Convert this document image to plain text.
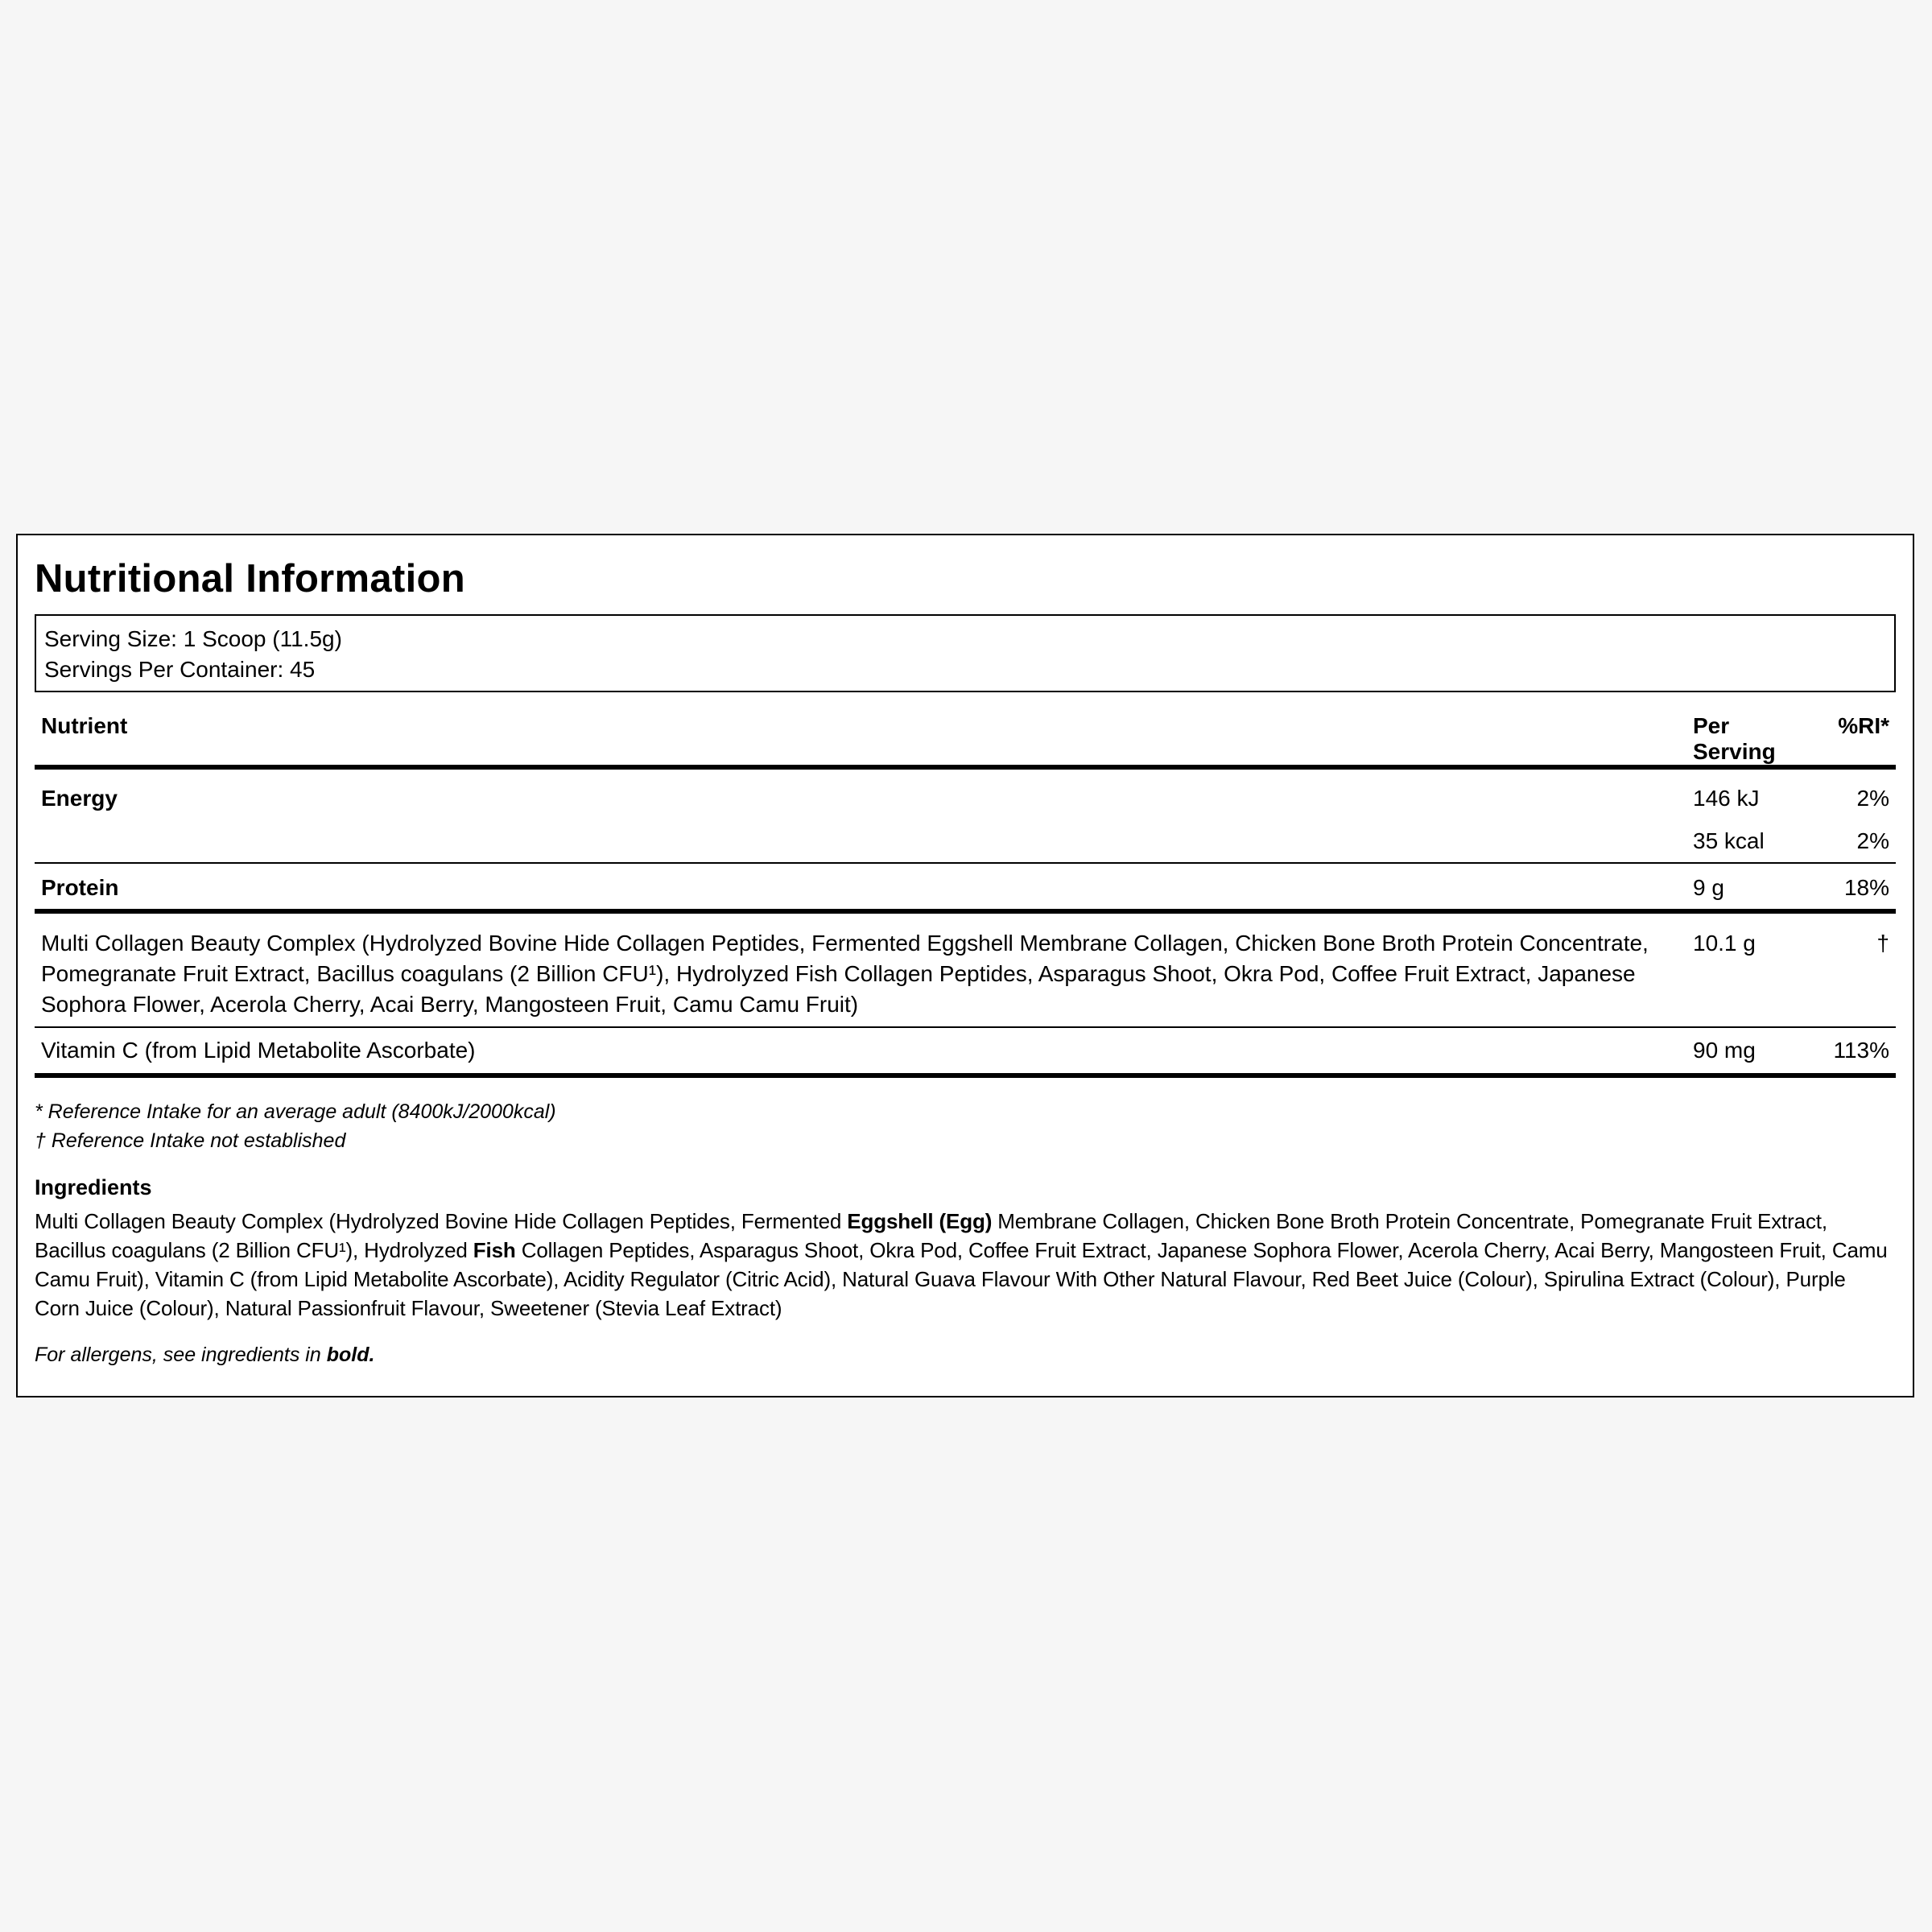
Nutritional Information
Serving Size: 1 Scoop (11.5g)
Servings Per Container: 45
Nutrient	Per Serving	%RI*
Energy	146 kJ	2%
	35 kcal	2%
Protein	9 g	18%
Multi Collagen Beauty Complex (Hydrolyzed Bovine Hide Collagen Peptides, Fermented Eggshell Membrane Collagen, Chicken Bone Broth Protein Concentrate, Pomegranate Fruit Extract, Bacillus coagulans (2 Billion CFU¹), Hydrolyzed Fish Collagen Peptides, Asparagus Shoot, Okra Pod, Coffee Fruit Extract, Japanese Sophora Flower, Acerola Cherry, Acai Berry, Mangosteen Fruit, Camu Camu Fruit)	10.1 g	†
Vitamin C (from Lipid Metabolite Ascorbate)	90 mg	113%
* Reference Intake for an average adult (8400kJ/2000kcal)
† Reference Intake not established
Ingredients
Multi Collagen Beauty Complex (Hydrolyzed Bovine Hide Collagen Peptides, Fermented Eggshell (Egg) Membrane Collagen, Chicken Bone Broth Protein Concentrate, Pomegranate Fruit Extract, Bacillus coagulans (2 Billion CFU¹), Hydrolyzed Fish Collagen Peptides, Asparagus Shoot, Okra Pod, Coffee Fruit Extract, Japanese Sophora Flower, Acerola Cherry, Acai Berry, Mangosteen Fruit, Camu Camu Fruit), Vitamin C (from Lipid Metabolite Ascorbate), Acidity Regulator (Citric Acid), Natural Guava Flavour With Other Natural Flavour, Red Beet Juice (Colour), Spirulina Extract (Colour), Purple Corn Juice (Colour), Natural Passionfruit Flavour, Sweetener (Stevia Leaf Extract)
For allergens, see ingredients in bold.
